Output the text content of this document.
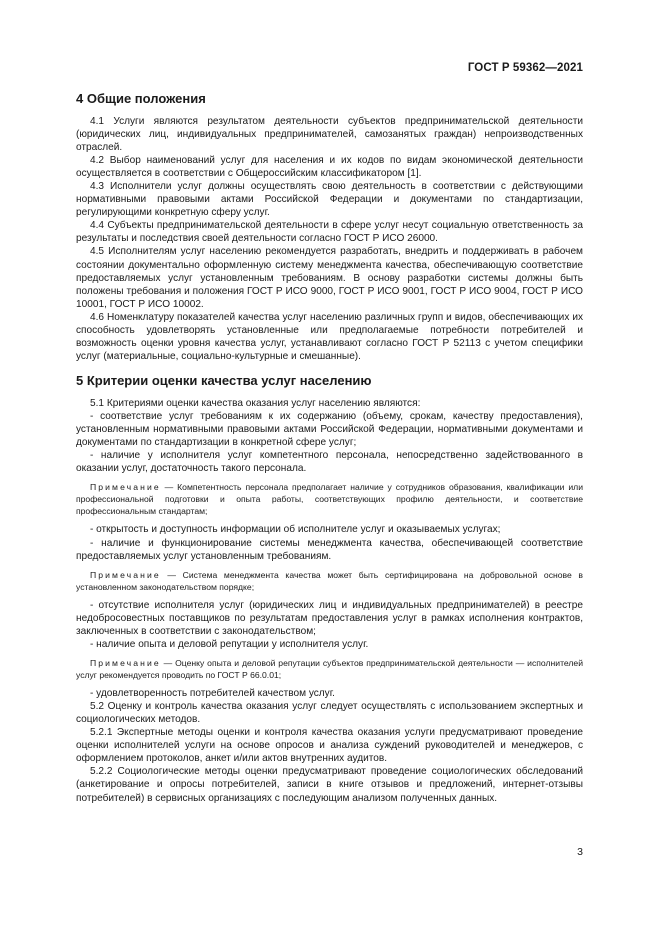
ГОСТ Р 59362—2021
4 Общие положения

4.1 Услуги являются результатом деятельности субъектов предпринимательской деятельности (юридических лиц, индивидуальных предпринимателей, самозанятых граждан) непроизводственных отраслей.

4.2 Выбор наименований услуг для населения и их кодов по видам экономической деятельности осуществляется в соответствии с Общероссийским классификатором [1].

4.3 Исполнители услуг должны осуществлять свою деятельность в соответствии с действующими нормативными правовыми актами Российской Федерации и документами по стандартизации, регулирующими конкретную сферу услуг.

4.4 Субъекты предпринимательской деятельности в сфере услуг несут социальную ответственность за результаты и последствия своей деятельности согласно ГОСТ Р ИСО 26000.

4.5 Исполнителям услуг населению рекомендуется разработать, внедрить и поддерживать в рабочем состоянии документально оформленную систему менеджмента качества, обеспечивающую соответствие предоставляемых услуг установленным требованиям. В основу разработки системы должны быть положены требования и положения ГОСТ Р ИСО 9000, ГОСТ Р ИСО 9001, ГОСТ Р ИСО 9004, ГОСТ Р ИСО 10001, ГОСТ Р ИСО 10002.

4.6 Номенклатуру показателей качества услуг населению различных групп и видов, обеспечивающих их способность удовлетворять установленные или предполагаемые потребности потребителей и возможность оценки уровня качества услуг, устанавливают согласно ГОСТ Р 52113 с учетом специфики услуг (материальные, социально-культурные и смешанные).

5 Критерии оценки качества услуг населению

5.1 Критериями оценки качества оказания услуг населению являются:

- соответствие услуг требованиям к их содержанию (объему, срокам, качеству предоставления), установленным нормативными правовыми актами Российской Федерации, нормативными документами и документами по стандартизации в конкретной сфере услуг;

- наличие у исполнителя услуг компетентного персонала, непосредственно задействованного в оказании услуг, достаточность такого персонала.

Примечание — Компетентность персонала предполагает наличие у сотрудников образования, квалификации или профессиональной подготовки и опыта работы, соответствующих профилю деятельности, и соответствие профессиональным стандартам;

- открытость и доступность информации об исполнителе услуг и оказываемых услугах;

- наличие и функционирование системы менеджмента качества, обеспечивающей соответствие предоставляемых услуг установленным требованиям.

Примечание — Система менеджмента качества может быть сертифицирована на добровольной основе в установленном законодательством порядке;

- отсутствие исполнителя услуг (юридических лиц и индивидуальных предпринимателей) в реестре недобросовестных поставщиков по результатам предоставления услуг в рамках исполнения контрактов, заключенных в соответствии с законодательством;

- наличие опыта и деловой репутации у исполнителя услуг.

Примечание — Оценку опыта и деловой репутации субъектов предпринимательской деятельности — исполнителей услуг рекомендуется проводить по ГОСТ Р 66.0.01;

- удовлетворенность потребителей качеством услуг.

5.2 Оценку и контроль качества оказания услуг следует осуществлять с использованием экспертных и социологических методов.

5.2.1 Экспертные методы оценки и контроля качества оказания услуги предусматривают проведение оценки исполнителей услуги на основе опросов и анализа суждений руководителей и менеджеров, с оформлением протоколов, анкет и/или актов внутренних аудитов.

5.2.2 Социологические методы оценки предусматривают проведение социологических обследований (анкетирование и опросы потребителей, записи в книге отзывов и предложений, интернет-отзывы потребителей) в сервисных организациях с последующим анализом полученных данных.

3
